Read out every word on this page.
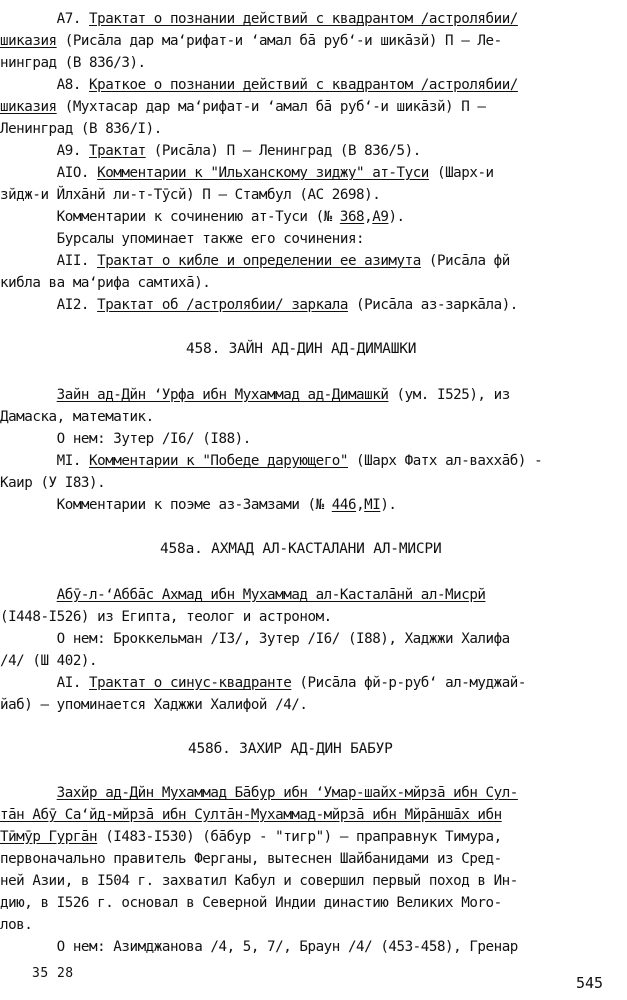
А7. Трактат о познании действий с квадрантом /астролябии/
шиказия (Рисāла дар маʻрифат-и ʻамал бā рубʻ-и шикāзй) П – Ле-
нинград (В 836/3).
А8. Краткое о познании действий с квадрантом /астролябии/
шиказия (Мухтасар дар маʻрифат-и ʻамал бā рубʻ-и шикāзй) П –
Ленинград (В 836/I).
А9. Трактат (Рисāла) П – Ленинград (В 836/5).
АIO. Комментарии к "Ильханскому зиджу" ат-Туси (Шарх-и
зйдж-и Йлхāнй ли-т-Тӯсй) П – Стамбул (АС 2698).
Комментарии к сочинению ат-Туси (№ 368,А9).
Бурсалы упоминает также его сочинения:
АII. Трактат о кибле и определении ее азимута (Рисāла фй
кибла ва маʻрифа самтихā).
АI2. Трактат об /астролябии/ заркала (Рисāла аз-заркāла).
458. ЗАЙН АД-ДИН АД-ДИМАШКИ
Зайн ад-Дйн ʻУрфа ибн Мухаммад ад-Димашкй (ум. I525), из
Дамаска, математик.
О нем: Зутер /I6/ (I88).
МI. Комментарии к "Победе дарующего" (Шарх Фатх ал-ваххāб) -
Каир (У I83).
Комментарии к поэме аз-Замзами (№ 446,МI).
458а. АХМАД АЛ-КАСТАЛАНИ АЛ-МИСРИ
Абӯ-л-ʻАббāс Ахмад ибн Мухаммад ал-Касталāнй ал-Мисрй
(I448-I526) из Египта, теолог и астроном.
О нем: Броккельман /I3/, Зутер /I6/ (I88), Хаджжи Халифа
/4/ (Ш 402).
АI. Трактат о синус-квадранте (Рисāла фй-р-рубʻ ал-муджай-
йаб) – упоминается Хаджжи Халифой /4/.
458б. ЗАХИР АД-ДИН БАБУР
Захйр ад-Дйн Мухаммад Бāбур ибн ʻУмар-шайх-мйрзā ибн Сул-
тāн Абӯ Саʻйд-мйрзā ибн Султāн-Мухаммад-мйрзā ибн Мйрāншāх ибн
Тӣмӯр Гургāн (I483-I530) (бāбур - "тигр") – праправнук Тимура,
первоначально правитель Ферганы, вытеснен Шайбанидами из Сред-
ней Азии, в I504 г. захватил Кабул и совершил первый поход в Ин-
дию, в I526 г. основал в Северной Индии династию Великих Моrо-
лов.
О нем: Азимджанова /4, 5, 7/, Браун /4/ (453-458), Гренар
35 28
545
